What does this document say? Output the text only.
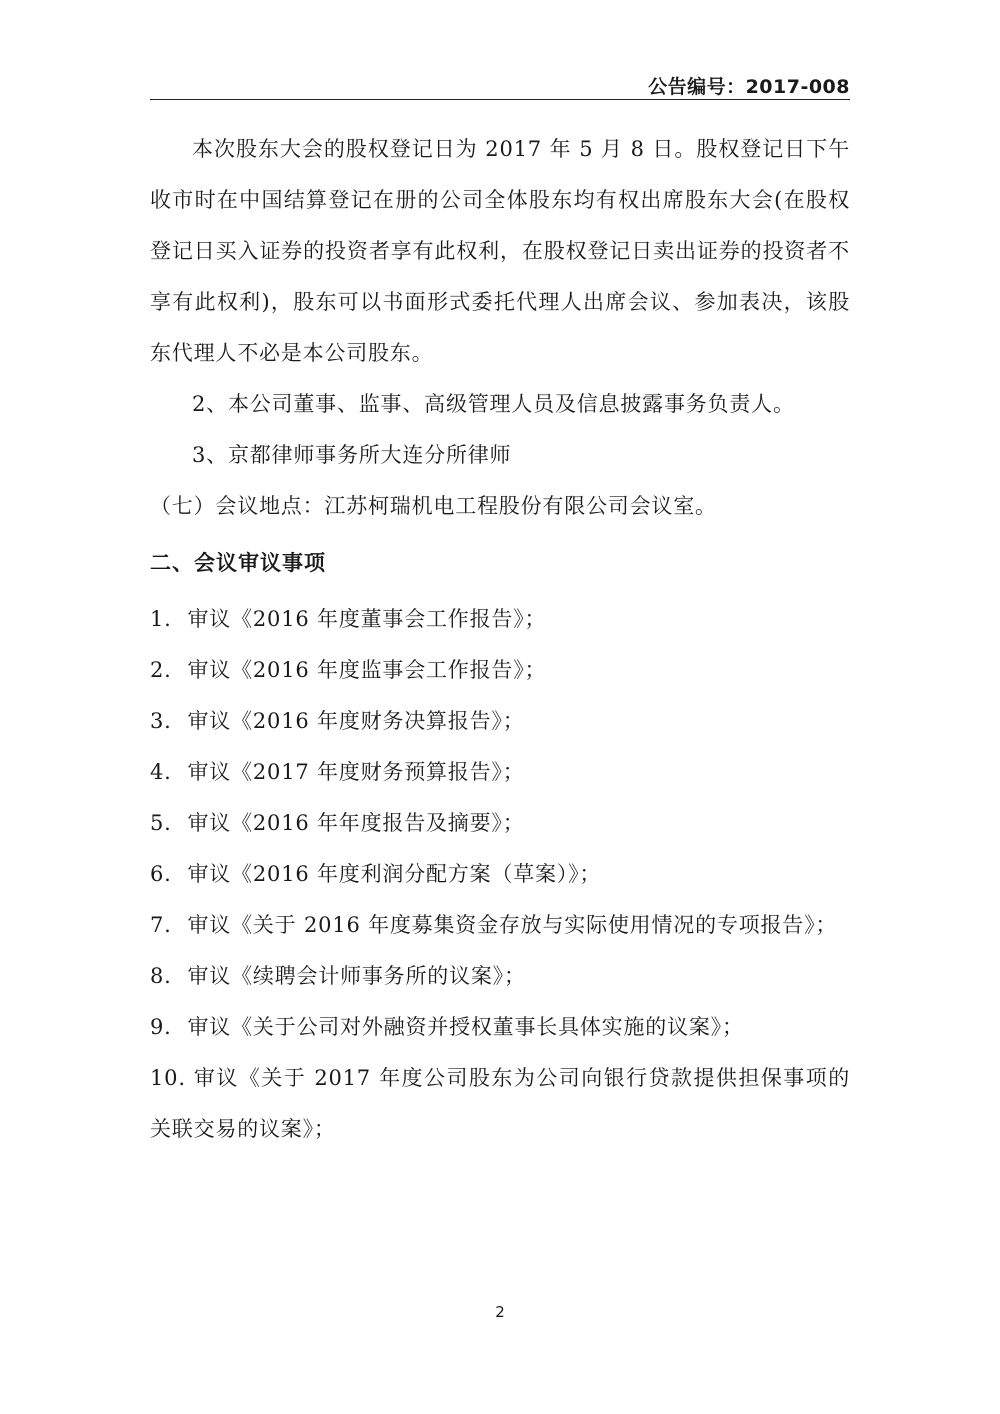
公告编号：2017-008

本次股东大会的股权登记日为 2017 年 5 月 8 日。股权登记日下午收市时在中国结算登记在册的公司全体股东均有权出席股东大会(在股权登记日买入证券的投资者享有此权利，在股权登记日卖出证券的投资者不享有此权利)，股东可以书面形式委托代理人出席会议、参加表决，该股东代理人不必是本公司股东。

2、本公司董事、监事、高级管理人员及信息披露事务负责人。

3、京都律师事务所大连分所律师

（七）会议地点：江苏柯瑞机电工程股份有限公司会议室。

二、会议审议事项

1. 审议《2016 年度董事会工作报告》；

2. 审议《2016 年度监事会工作报告》；

3. 审议《2016 年度财务决算报告》；

4. 审议《2017 年度财务预算报告》；

5. 审议《2016 年年度报告及摘要》；

6. 审议《2016 年度利润分配方案（草案）》；

7. 审议《关于 2016 年度募集资金存放与实际使用情况的专项报告》；

8. 审议《续聘会计师事务所的议案》；

9. 审议《关于公司对外融资并授权董事长具体实施的议案》；

10. 审议《关于 2017 年度公司股东为公司向银行贷款提供担保事项的关联交易的议案》；

2
